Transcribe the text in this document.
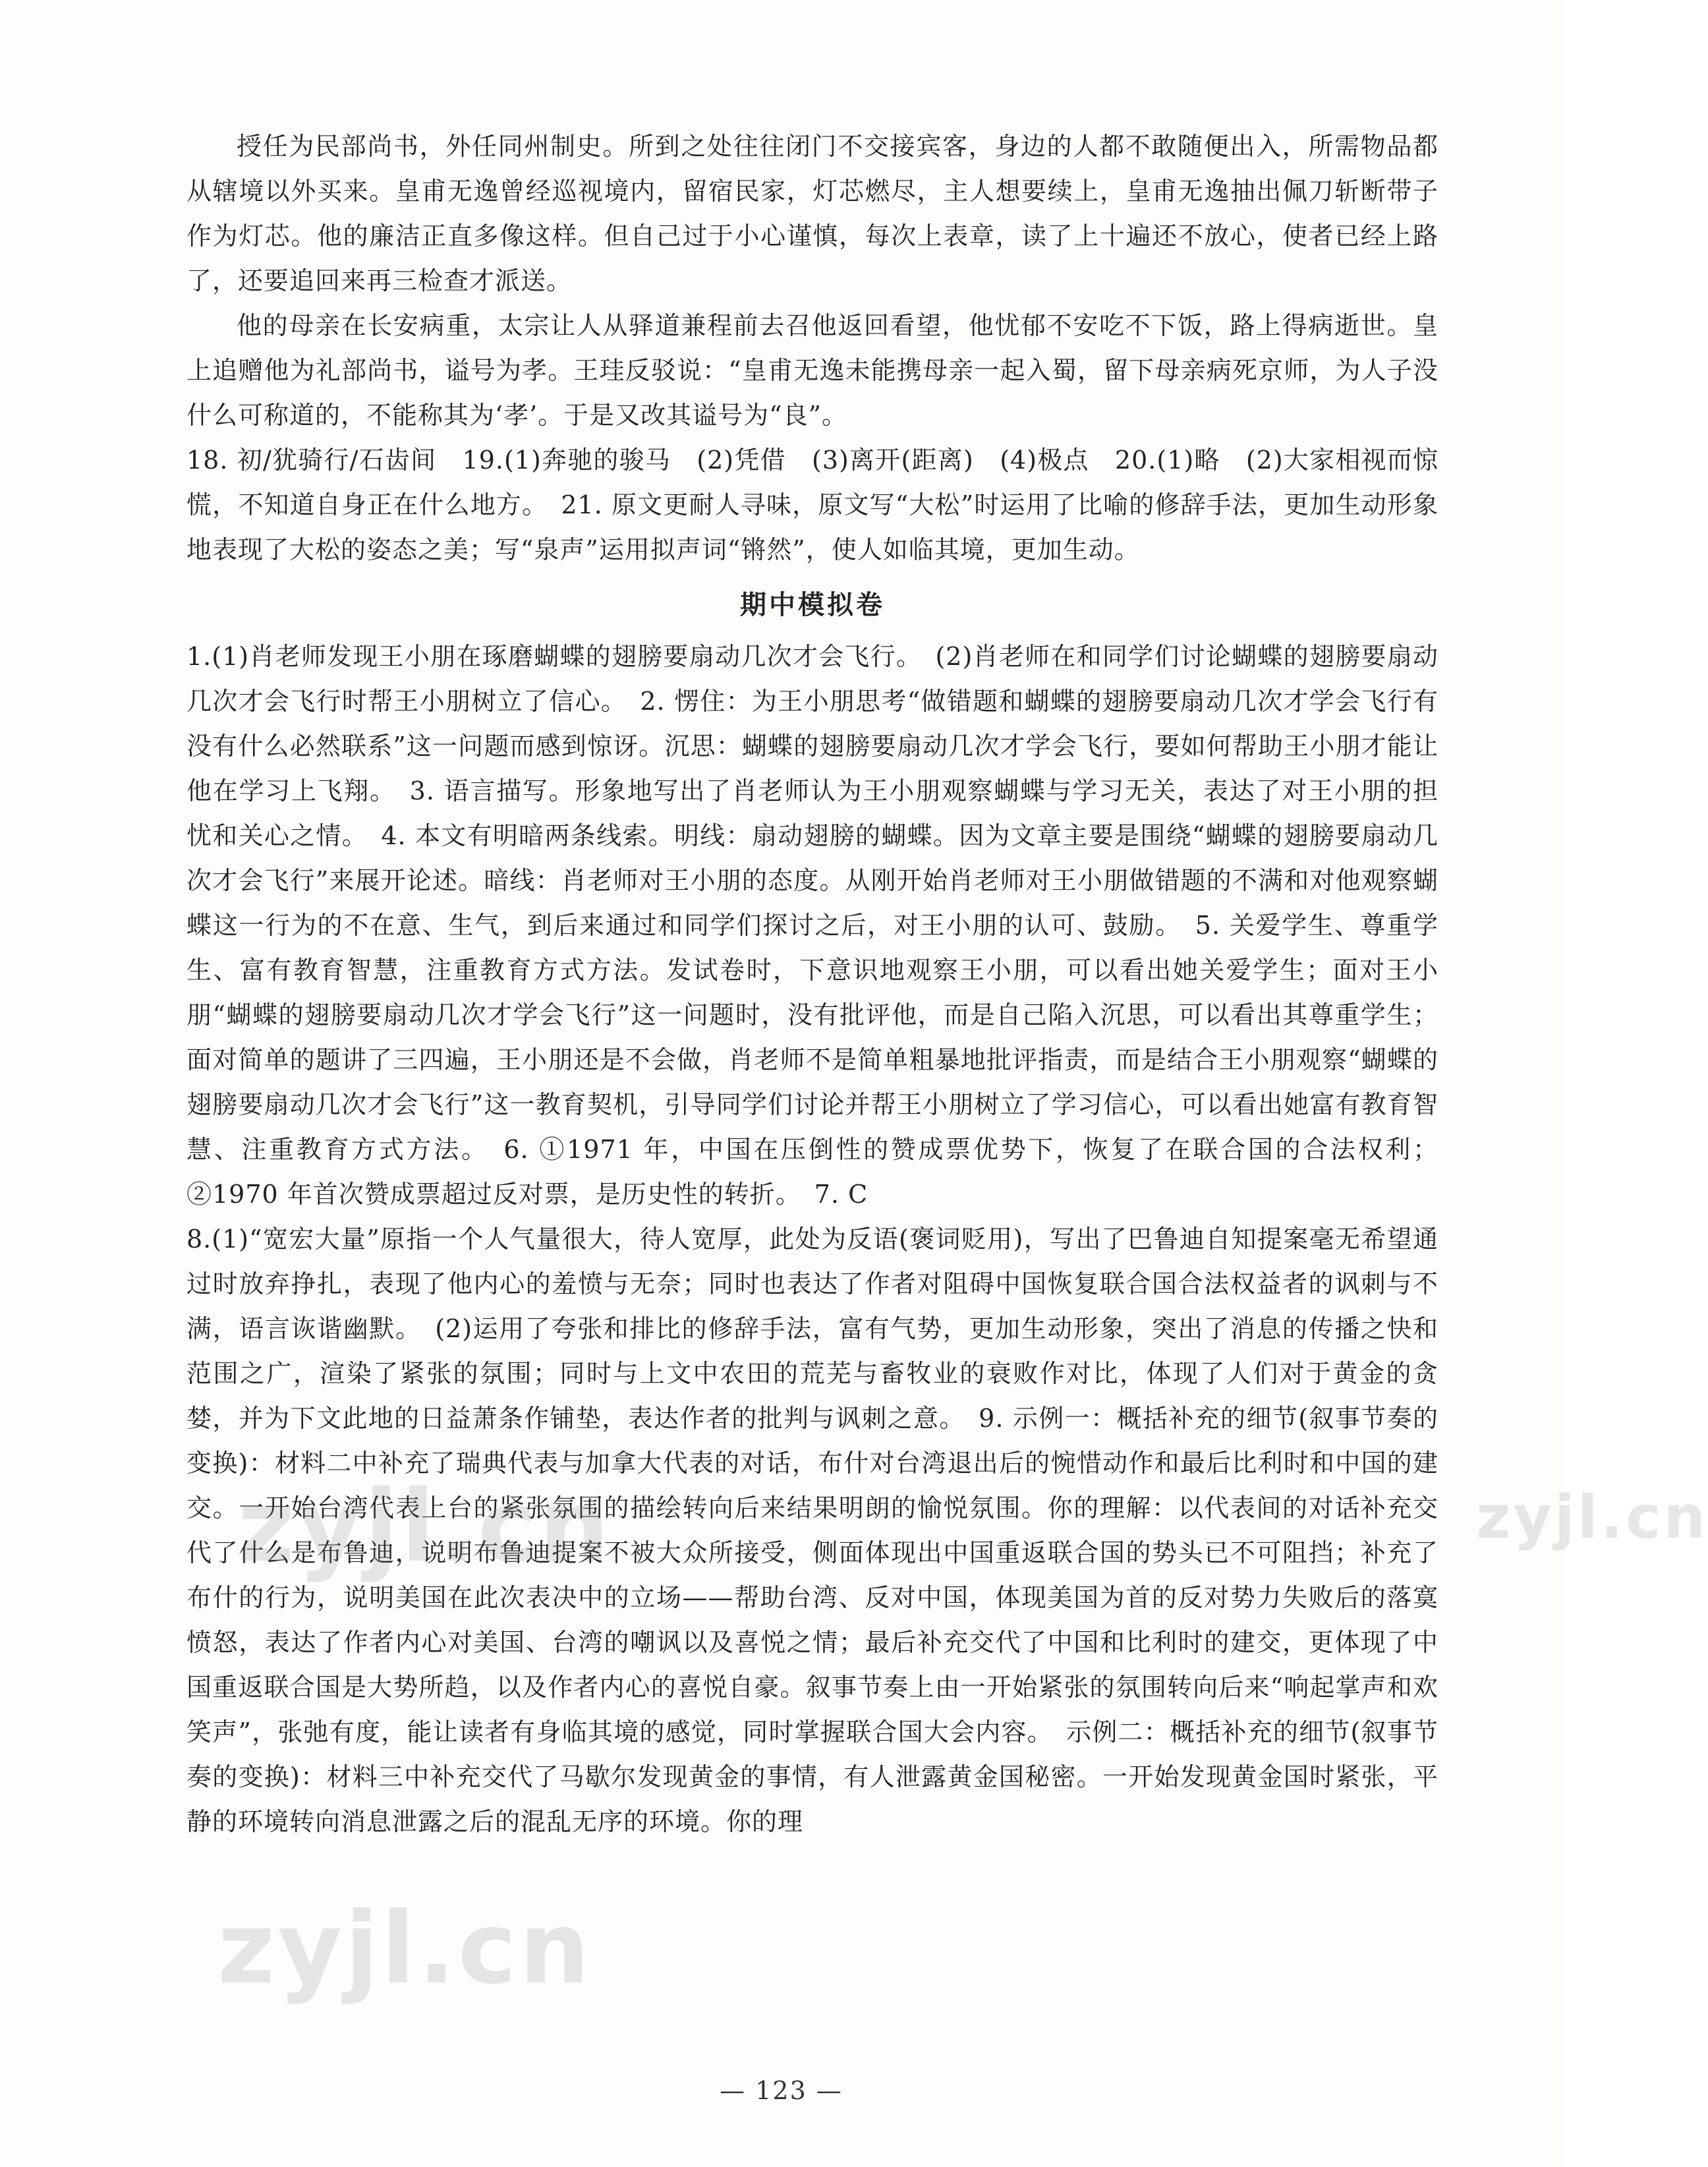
授任为民部尚书，外任同州制史。所到之处往往闭门不交接宾客，身边的人都不敢随便出入，所需物品都从辖境以外买来。皇甫无逸曾经巡视境内，留宿民家，灯芯燃尽，主人想要续上，皇甫无逸抽出佩刀斩断带子作为灯芯。他的廉洁正直多像这样。但自己过于小心谨慎，每次上表章，读了上十遍还不放心，使者已经上路了，还要追回来再三检查才派送。

他的母亲在长安病重，太宗让人从驿道兼程前去召他返回看望，他忧郁不安吃不下饭，路上得病逝世。皇上追赠他为礼部尚书，谥号为孝。王珪反驳说：“皇甫无逸未能携母亲一起入蜀，留下母亲病死京师，为人子没什么可称道的，不能称其为‘孝’。于是又改其谥号为“良”。

18. 初/犹骑行/石齿间　19.(1)奔驰的骏马　(2)凭借　(3)离开(距离)　(4)极点　20.(1)略　(2)大家相视而惊慌，不知道自身正在什么地方。　21. 原文更耐人寻味，原文写“大松”时运用了比喻的修辞手法，更加生动形象地表现了大松的姿态之美；写“泉声”运用拟声词“锵然”，使人如临其境，更加生动。

期中模拟卷

1.(1)肖老师发现王小朋在琢磨蝴蝶的翅膀要扇动几次才会飞行。　(2)肖老师在和同学们讨论蝴蝶的翅膀要扇动几次才会飞行时帮王小朋树立了信心。　2. 愣住：为王小朋思考“做错题和蝴蝶的翅膀要扇动几次才学会飞行有没有什么必然联系”这一问题而感到惊讶。沉思：蝴蝶的翅膀要扇动几次才学会飞行，要如何帮助王小朋才能让他在学习上飞翔。　3. 语言描写。形象地写出了肖老师认为王小朋观察蝴蝶与学习无关，表达了对王小朋的担忧和关心之情。　4. 本文有明暗两条线索。明线：扇动翅膀的蝴蝶。因为文章主要是围绕“蝴蝶的翅膀要扇动几次才会飞行”来展开论述。暗线：肖老师对王小朋的态度。从刚开始肖老师对王小朋做错题的不满和对他观察蝴蝶这一行为的不在意、生气，到后来通过和同学们探讨之后，对王小朋的认可、鼓励。　5. 关爱学生、尊重学生、富有教育智慧，注重教育方式方法。发试卷时，下意识地观察王小朋，可以看出她关爱学生；面对王小朋“蝴蝶的翅膀要扇动几次才学会飞行”这一问题时，没有批评他，而是自己陷入沉思，可以看出其尊重学生；面对简单的题讲了三四遍，王小朋还是不会做，肖老师不是简单粗暴地批评指责，而是结合王小朋观察“蝴蝶的翅膀要扇动几次才会飞行”这一教育契机，引导同学们讨论并帮王小朋树立了学习信心，可以看出她富有教育智慧、注重教育方式方法。　6. ①1971 年，中国在压倒性的赞成票优势下，恢复了在联合国的合法权利；②1970 年首次赞成票超过反对票，是历史性的转折。　7. C

8.(1)“宽宏大量”原指一个人气量很大，待人宽厚，此处为反语(褒词贬用)，写出了巴鲁迪自知提案毫无希望通过时放弃挣扎，表现了他内心的羞愤与无奈；同时也表达了作者对阻碍中国恢复联合国合法权益者的讽刺与不满，语言诙谐幽默。　(2)运用了夸张和排比的修辞手法，富有气势，更加生动形象，突出了消息的传播之快和范围之广，渲染了紧张的氛围；同时与上文中农田的荒芜与畜牧业的衰败作对比，体现了人们对于黄金的贪婪，并为下文此地的日益萧条作铺垫，表达作者的批判与讽刺之意。　9. 示例一：概括补充的细节(叙事节奏的变换)：材料二中补充了瑞典代表与加拿大代表的对话，布什对台湾退出后的惋惜动作和最后比利时和中国的建交。一开始台湾代表上台的紧张氛围的描绘转向后来结果明朗的愉悦氛围。你的理解：以代表间的对话补充交代了什么是布鲁迪，说明布鲁迪提案不被大众所接受，侧面体现出中国重返联合国的势头已不可阻挡；补充了布什的行为，说明美国在此次表决中的立场——帮助台湾、反对中国，体现美国为首的反对势力失败后的落寞愤怒，表达了作者内心对美国、台湾的嘲讽以及喜悦之情；最后补充交代了中国和比利时的建交，更体现了中国重返联合国是大势所趋，以及作者内心的喜悦自豪。叙事节奏上由一开始紧张的氛围转向后来“响起掌声和欢笑声”，张弛有度，能让读者有身临其境的感觉，同时掌握联合国大会内容。　示例二：概括补充的细节(叙事节奏的变换)：材料三中补充交代了马歇尔发现黄金的事情，有人泄露黄金国秘密。一开始发现黄金国时紧张，平静的环境转向消息泄露之后的混乱无序的环境。你的理

zyjl.cn
zyjl.cn
zyjl.cn
— 123 —
